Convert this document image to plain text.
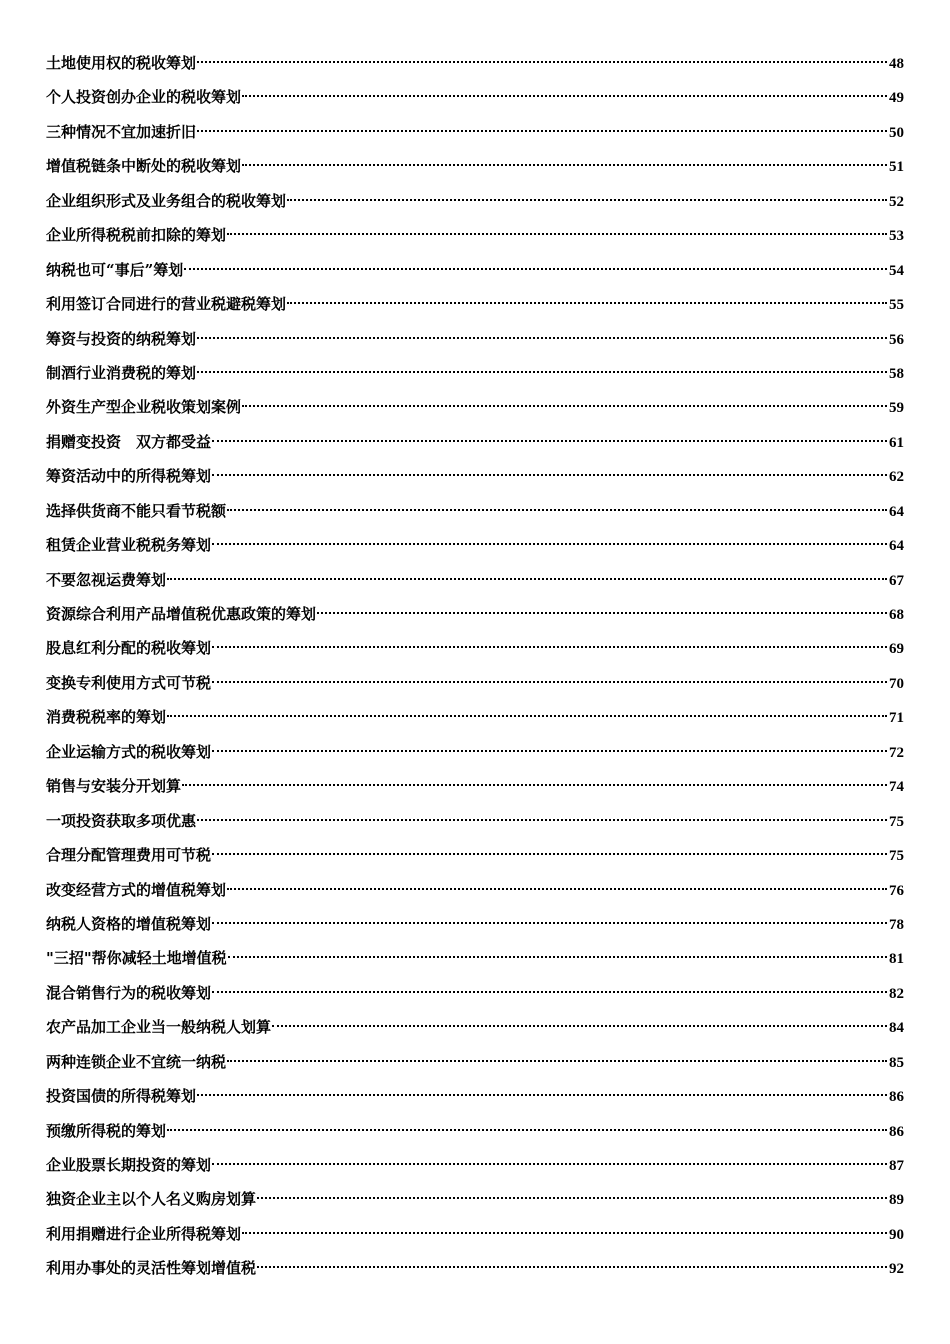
土地使用权的税收筹划	48
个人投资创办企业的税收筹划	49
三种情况不宜加速折旧	50
增值税链条中断处的税收筹划	51
企业组织形式及业务组合的税收筹划	52
企业所得税税前扣除的筹划	53
纳税也可“事后”筹划	54
利用签订合同进行的营业税避税筹划	55
筹资与投资的纳税筹划	56
制酒行业消费税的筹划	58
外资生产型企业税收策划案例	59
捐赠变投资　双方都受益	61
筹资活动中的所得税筹划	62
选择供货商不能只看节税额	64
租赁企业营业税税务筹划	64
不要忽视运费筹划	67
资源综合利用产品增值税优惠政策的筹划	68
股息红利分配的税收筹划	69
变换专利使用方式可节税	70
消费税税率的筹划	71
企业运输方式的税收筹划	72
销售与安装分开划算	74
一项投资获取多项优惠	75
合理分配管理费用可节税	75
改变经营方式的增值税筹划	76
纳税人资格的增值税筹划	78
"三招"帮你减轻土地增值税	81
混合销售行为的税收筹划	82
农产品加工企业当一般纳税人划算	84
两种连锁企业不宜统一纳税	85
投资国债的所得税筹划	86
预缴所得税的筹划	86
企业股票长期投资的筹划	87
独资企业主以个人名义购房划算	89
利用捐赠进行企业所得税筹划	90
利用办事处的灵活性筹划增值税	92
